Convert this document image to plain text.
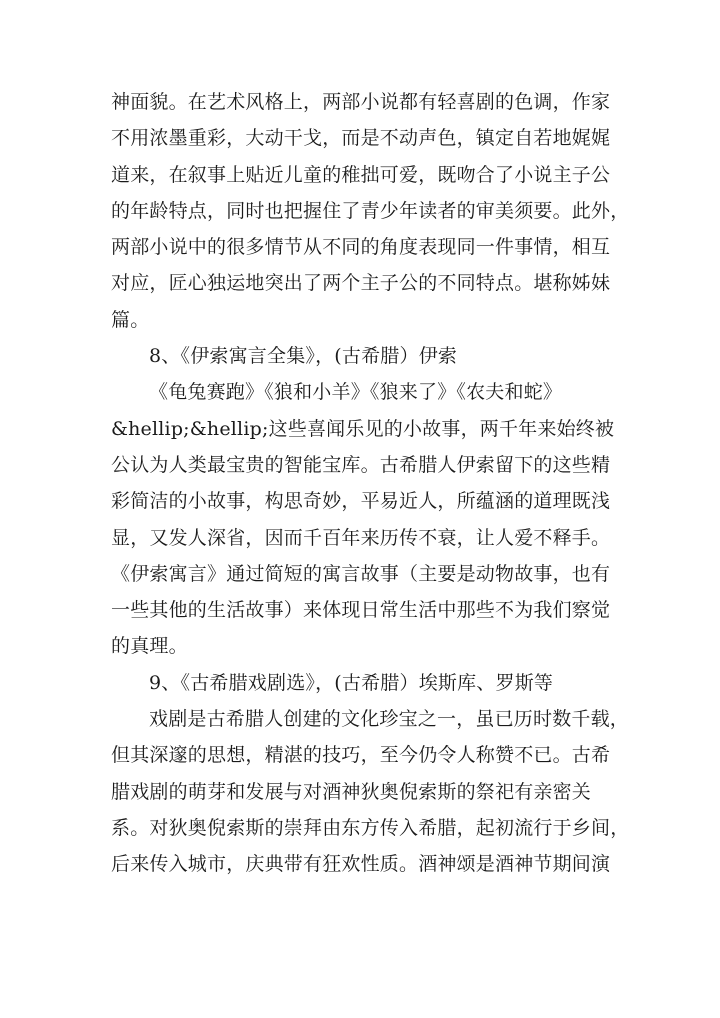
神面貌。在艺术风格上，两部小说都有轻喜剧的色调，作家
不用浓墨重彩，大动干戈，而是不动声色，镇定自若地娓娓
道来，在叙事上贴近儿童的稚拙可爱，既吻合了小说主子公
的年龄特点，同时也把握住了青少年读者的审美须要。此外，
两部小说中的很多情节从不同的角度表现同一件事情，相互
对应，匠心独运地突出了两个主子公的不同特点。堪称姊妹
篇。
8、《伊索寓言全集》，(古希腊）伊索
《龟兔赛跑》《狼和小羊》《狼来了》《农夫和蛇》
&hellip;&hellip;这些喜闻乐见的小故事，两千年来始终被
公认为人类最宝贵的智能宝库。古希腊人伊索留下的这些精
彩简洁的小故事，构思奇妙，平易近人，所蕴涵的道理既浅
显，又发人深省，因而千百年来历传不衰，让人爱不释手。
《伊索寓言》通过简短的寓言故事（主要是动物故事，也有
一些其他的生活故事）来体现日常生活中那些不为我们察觉
的真理。
9、《古希腊戏剧选》，(古希腊）埃斯库、罗斯等
戏剧是古希腊人创建的文化珍宝之一，虽已历时数千载，
但其深邃的思想，精湛的技巧，至今仍令人称赞不已。古希
腊戏剧的萌芽和发展与对酒神狄奥倪索斯的祭祀有亲密关
系。对狄奥倪索斯的崇拜由东方传入希腊，起初流行于乡间，
后来传入城市，庆典带有狂欢性质。酒神颂是酒神节期间演
